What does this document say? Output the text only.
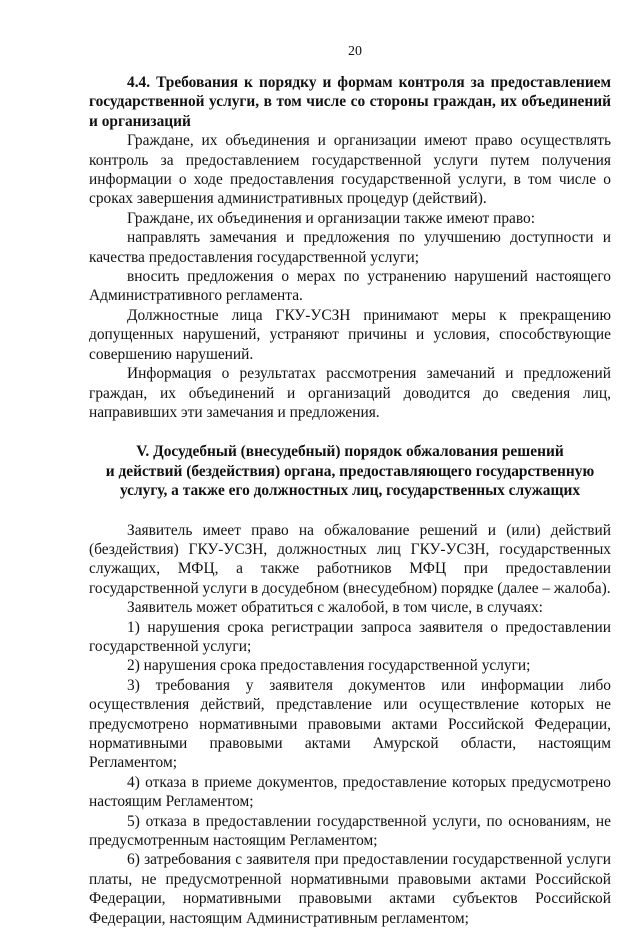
20

4.4. Требования к порядку и формам контроля за предоставлением государственной услуги, в том числе со стороны граждан, их объединений и организаций

Граждане, их объединения и организации имеют право осуществлять контроль за предоставлением государственной услуги путем получения информации о ходе предоставления государственной услуги, в том числе о сроках завершения административных процедур (действий).

Граждане, их объединения и организации также имеют право:

направлять замечания и предложения по улучшению доступности и качества предоставления государственной услуги;

вносить предложения о мерах по устранению нарушений настоящего Административного регламента.

Должностные лица ГКУ-УСЗН принимают меры к прекращению допущенных нарушений, устраняют причины и условия, способствующие совершению нарушений.

Информация о результатах рассмотрения замечаний и предложений граждан, их объединений и организаций доводится до сведения лиц, направивших эти замечания и предложения.

V. Досудебный (внесудебный) порядок обжалования решений
и действий (бездействия) органа, предоставляющего государственную
услугу, а также его должностных лиц, государственных служащих

Заявитель имеет право на обжалование решений и (или) действий (бездействия) ГКУ-УСЗН, должностных лиц ГКУ-УСЗН, государственных служащих, МФЦ, а также работников МФЦ при предоставлении государственной услуги в досудебном (внесудебном) порядке (далее – жалоба).

Заявитель может обратиться с жалобой, в том числе, в случаях:

1) нарушения срока регистрации запроса заявителя о предоставлении государственной услуги;

2) нарушения срока предоставления государственной услуги;

3) требования у заявителя документов или информации либо осуществления действий, представление или осуществление которых не предусмотрено нормативными правовыми актами Российской Федерации, нормативными правовыми актами Амурской области, настоящим Регламентом;

4) отказа в приеме документов, предоставление которых предусмотрено настоящим Регламентом;

5) отказа в предоставлении государственной услуги, по основаниям, не предусмотренным настоящим Регламентом;

6) затребования с заявителя при предоставлении государственной услуги платы, не предусмотренной нормативными правовыми актами Российской Федерации, нормативными правовыми актами субъектов Российской Федерации, настоящим Административным регламентом;
